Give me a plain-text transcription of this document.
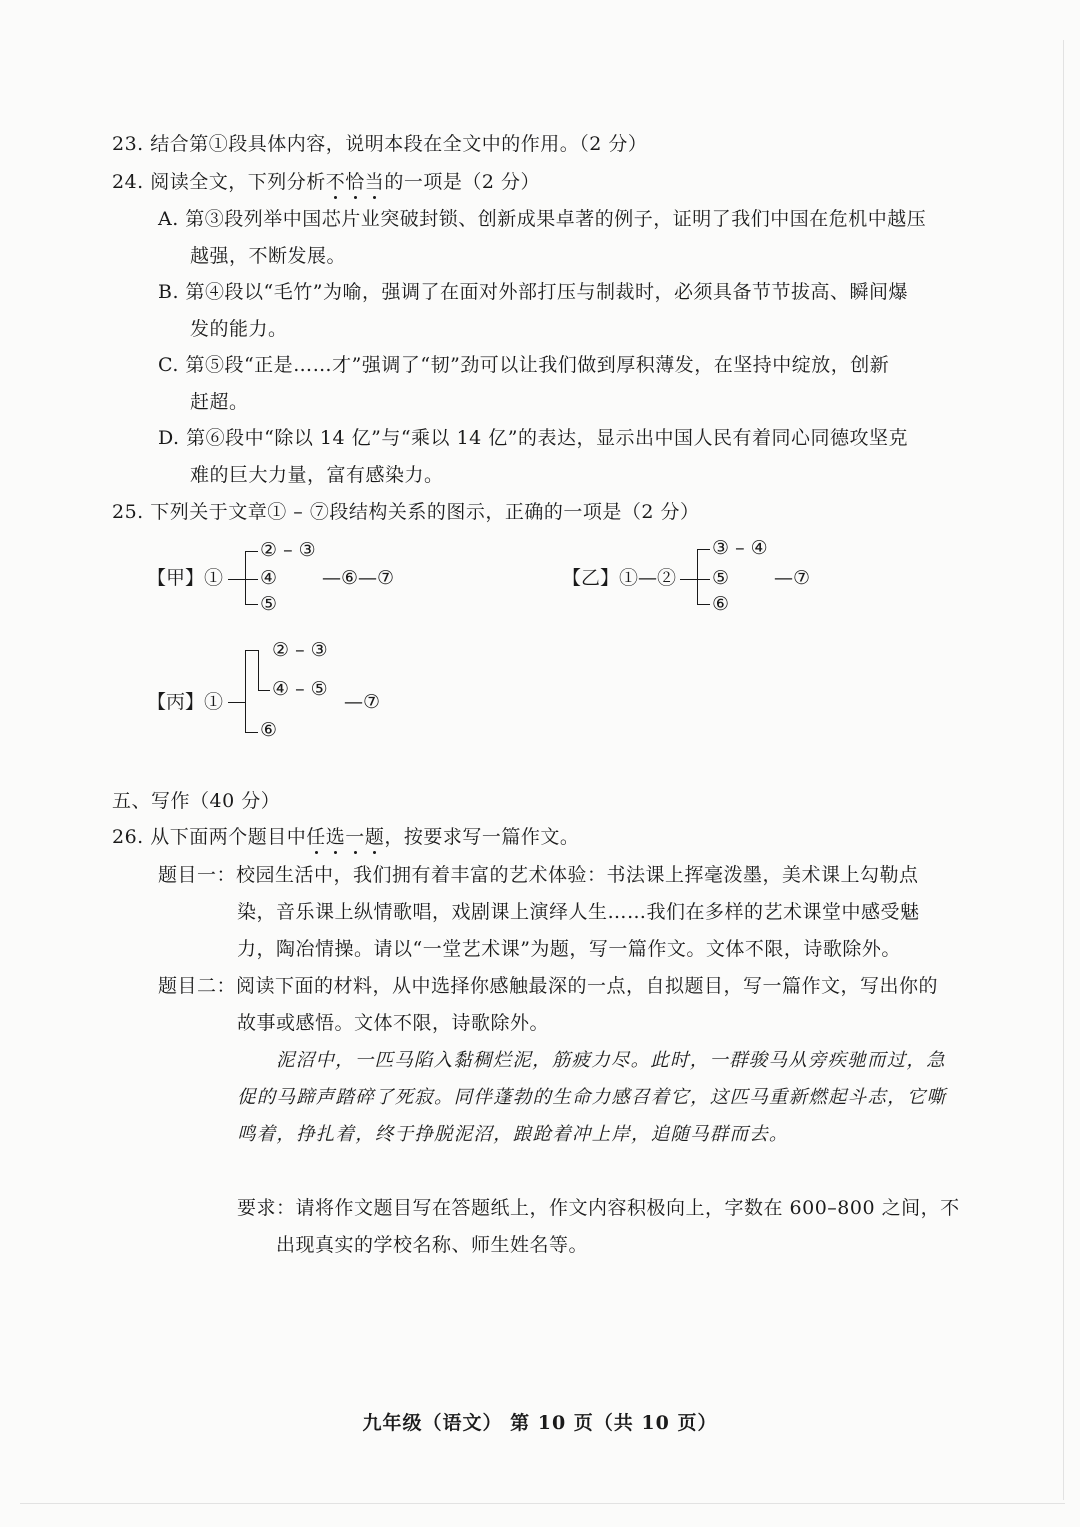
23. 结合第①段具体内容，说明本段在全文中的作用。（2 分）
24. 阅读全文，下列分析不恰当的一项是（2 分）
A. 第③段列举中国芯片业突破封锁、创新成果卓著的例子，证明了我们中国在危机中越压
越强，不断发展。
B. 第④段以“毛竹”为喻，强调了在面对外部打压与制裁时，必须具备节节拔高、瞬间爆
发的能力。
C. 第⑤段“正是……才”强调了“韧”劲可以让我们做到厚积薄发，在坚持中绽放，创新
赶超。
D. 第⑥段中“除以 14 亿”与“乘以 14 亿”的表达，显示出中国人民有着同心同德攻坚克
难的巨大力量，富有感染力。
25. 下列关于文章① – ⑦段结构关系的图示，正确的一项是（2 分）
【甲】①
② – ③
④
⑤
—⑥—⑦	【乙】①—②
③ – ④
⑤
⑥
—⑦
【丙】①
② – ③
④ – ⑤
⑥
—⑦
五、写作（40 分）
26. 从下面两个题目中任选一题，按要求写一篇作文。
题目一：校园生活中，我们拥有着丰富的艺术体验：书法课上挥毫泼墨，美术课上勾勒点
染，音乐课上纵情歌唱，戏剧课上演绎人生……我们在多样的艺术课堂中感受魅
力，陶冶情操。请以“一堂艺术课”为题，写一篇作文。文体不限，诗歌除外。
题目二：阅读下面的材料，从中选择你感触最深的一点，自拟题目，写一篇作文，写出你的
故事或感悟。文体不限，诗歌除外。
泥沼中，一匹马陷入黏稠烂泥，筋疲力尽。此时，一群骏马从旁疾驰而过，急
促的马蹄声踏碎了死寂。同伴蓬勃的生命力感召着它，这匹马重新燃起斗志，它嘶
鸣着，挣扎着，终于挣脱泥沼，踉跄着冲上岸，追随马群而去。
要求：请将作文题目写在答题纸上，作文内容积极向上，字数在 600–800 之间，不
出现真实的学校名称、师生姓名等。
九年级（语文） 第 10 页（共 10 页）
